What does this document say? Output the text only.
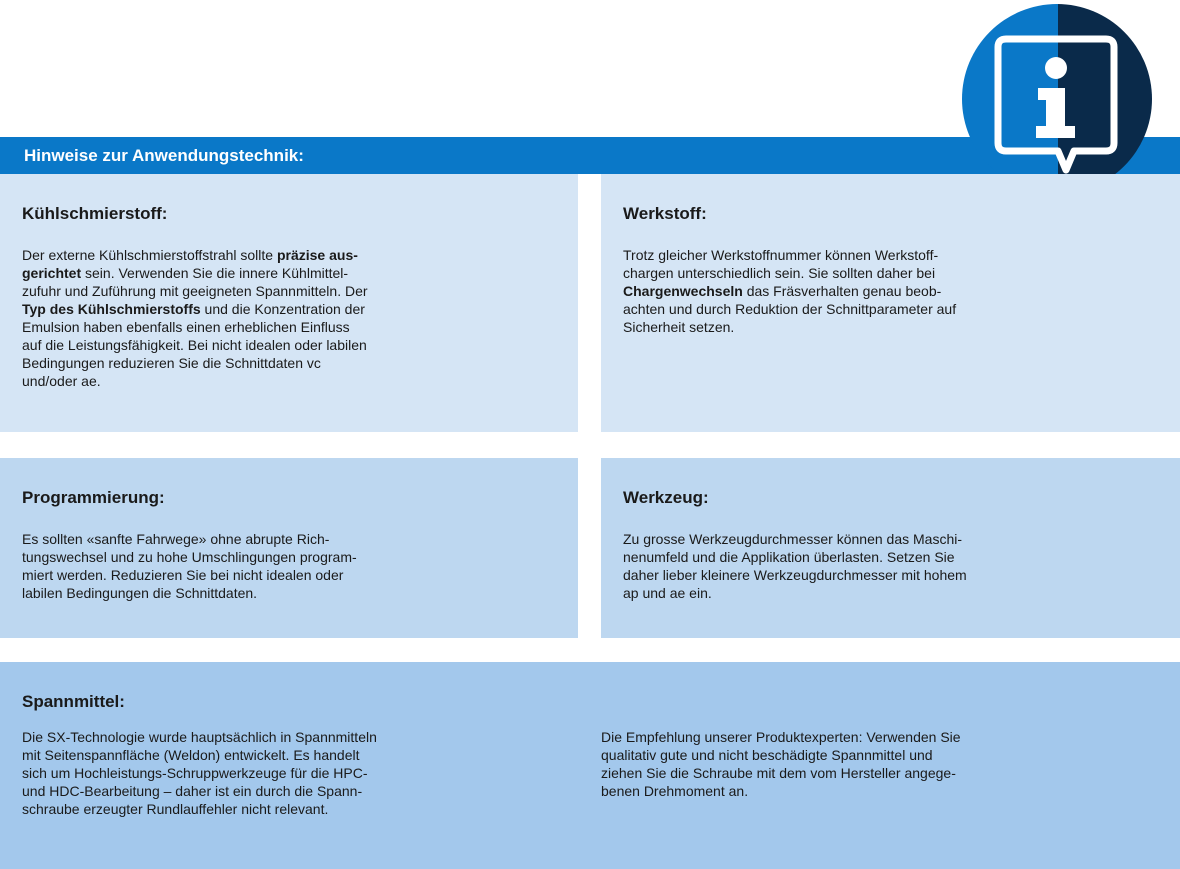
Hinweise zur Anwendungstechnik:
Kühlschmierstoff:

Der externe Kühlschmierstoffstrahl sollte präzise ausgerichtet sein. Verwenden Sie die innere Kühlmittelzufuhr und Zuführung mit geeigneten Spannmitteln. Der Typ des Kühlschmierstoffs und die Konzentration der Emulsion haben ebenfalls einen erheblichen Einfluss auf die Leistungsfähigkeit. Bei nicht idealen oder labilen Bedingungen reduzieren Sie die Schnittdaten vc und/oder ae.

Werkstoff:

Trotz gleicher Werkstoffnummer können Werkstoffchargen unterschiedlich sein. Sie sollten daher bei Chargenwechseln das Fräsverhalten genau beobachten und durch Reduktion der Schnittparameter auf Sicherheit setzen.

Programmierung:

Es sollten «sanfte Fahrwege» ohne abrupte Richtungswechsel und zu hohe Umschlingungen programmiert werden. Reduzieren Sie bei nicht idealen oder labilen Bedingungen die Schnittdaten.

Werkzeug:

Zu grosse Werkzeugdurchmesser können das Maschinenumfeld und die Applikation überlasten. Setzen Sie daher lieber kleinere Werkzeugdurchmesser mit hohem ap und ae ein.

Spannmittel:

Die SX-Technologie wurde hauptsächlich in Spannmitteln mit Seitenspannfläche (Weldon) entwickelt. Es handelt sich um Hochleistungs-Schruppwerkzeuge für die HPC- und HDC-Bearbeitung – daher ist ein durch die Spannschraube erzeugter Rundlauffehler nicht relevant.

Die Empfehlung unserer Produktexperten: Verwenden Sie qualitativ gute und nicht beschädigte Spannmittel und ziehen Sie die Schraube mit dem vom Hersteller angegebenen Drehmoment an.
